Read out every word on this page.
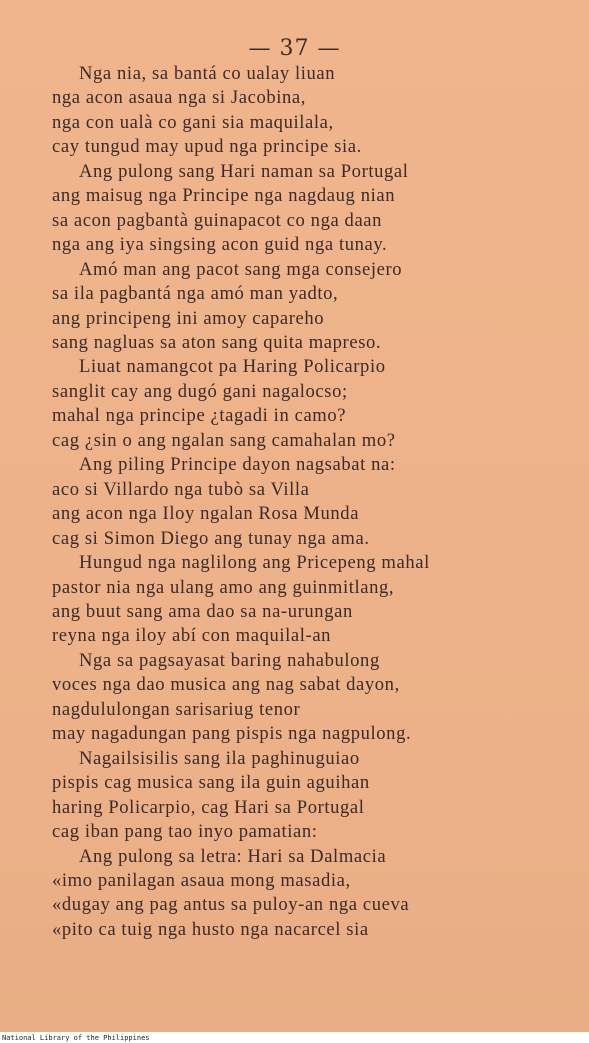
— 37 —
Nga nia, sa bantá co ualay liuan
nga acon asaua nga si Jacobina,
nga con ualà co gani sia maquilala,
cay tungud may upud nga principe sia.
Ang pulong sang Hari naman sa Portugal
ang maisug nga Principe nga nagdaug nian
sa acon pagbantà guinapacot co nga daan
nga ang iya singsing acon guid nga tunay.
Amó man ang pacot sang mga consejero
sa ila pagbantá nga amó man yadto,
ang principeng ini amoy capareho
sang nagluas sa aton sang quita mapreso.
Liuat namangcot pa Haring Policarpio
sanglit cay ang dugó gani nagalocso;
mahal nga principe ¿tagadi in camo?
cag ¿sin o ang ngalan sang camahalan mo?
Ang piling Principe dayon nagsabat na:
aco si Villardo nga tubò sa Villa
ang acon nga Iloy ngalan Rosa Munda
cag si Simon Diego ang tunay nga ama.
Hungud nga naglilong ang Pricepeng mahal
pastor nia nga ulang amo ang guinmitlang,
ang buut sang ama dao sa na-urungan
reyna nga iloy abí con maquilal-an
Nga sa pagsayasat baring nahabulong
voces nga dao musica ang nag sabat dayon,
nagdululongan sarisariug tenor
may nagadungan pang pispis nga nagpulong.
Nagailsisilis sang ila paghinuguiao
pispis cag musica sang ila guin aguihan
haring Policarpio, cag Hari sa Portugal
cag iban pang tao inyo pamatian:
Ang pulong sa letra: Hari sa Dalmacia
«imo panilagan asaua mong masadia,
«dugay ang pag antus sa puloy-an nga cueva
«pito ca tuig nga husto nga nacarcel sia
National Library of the Philippines
